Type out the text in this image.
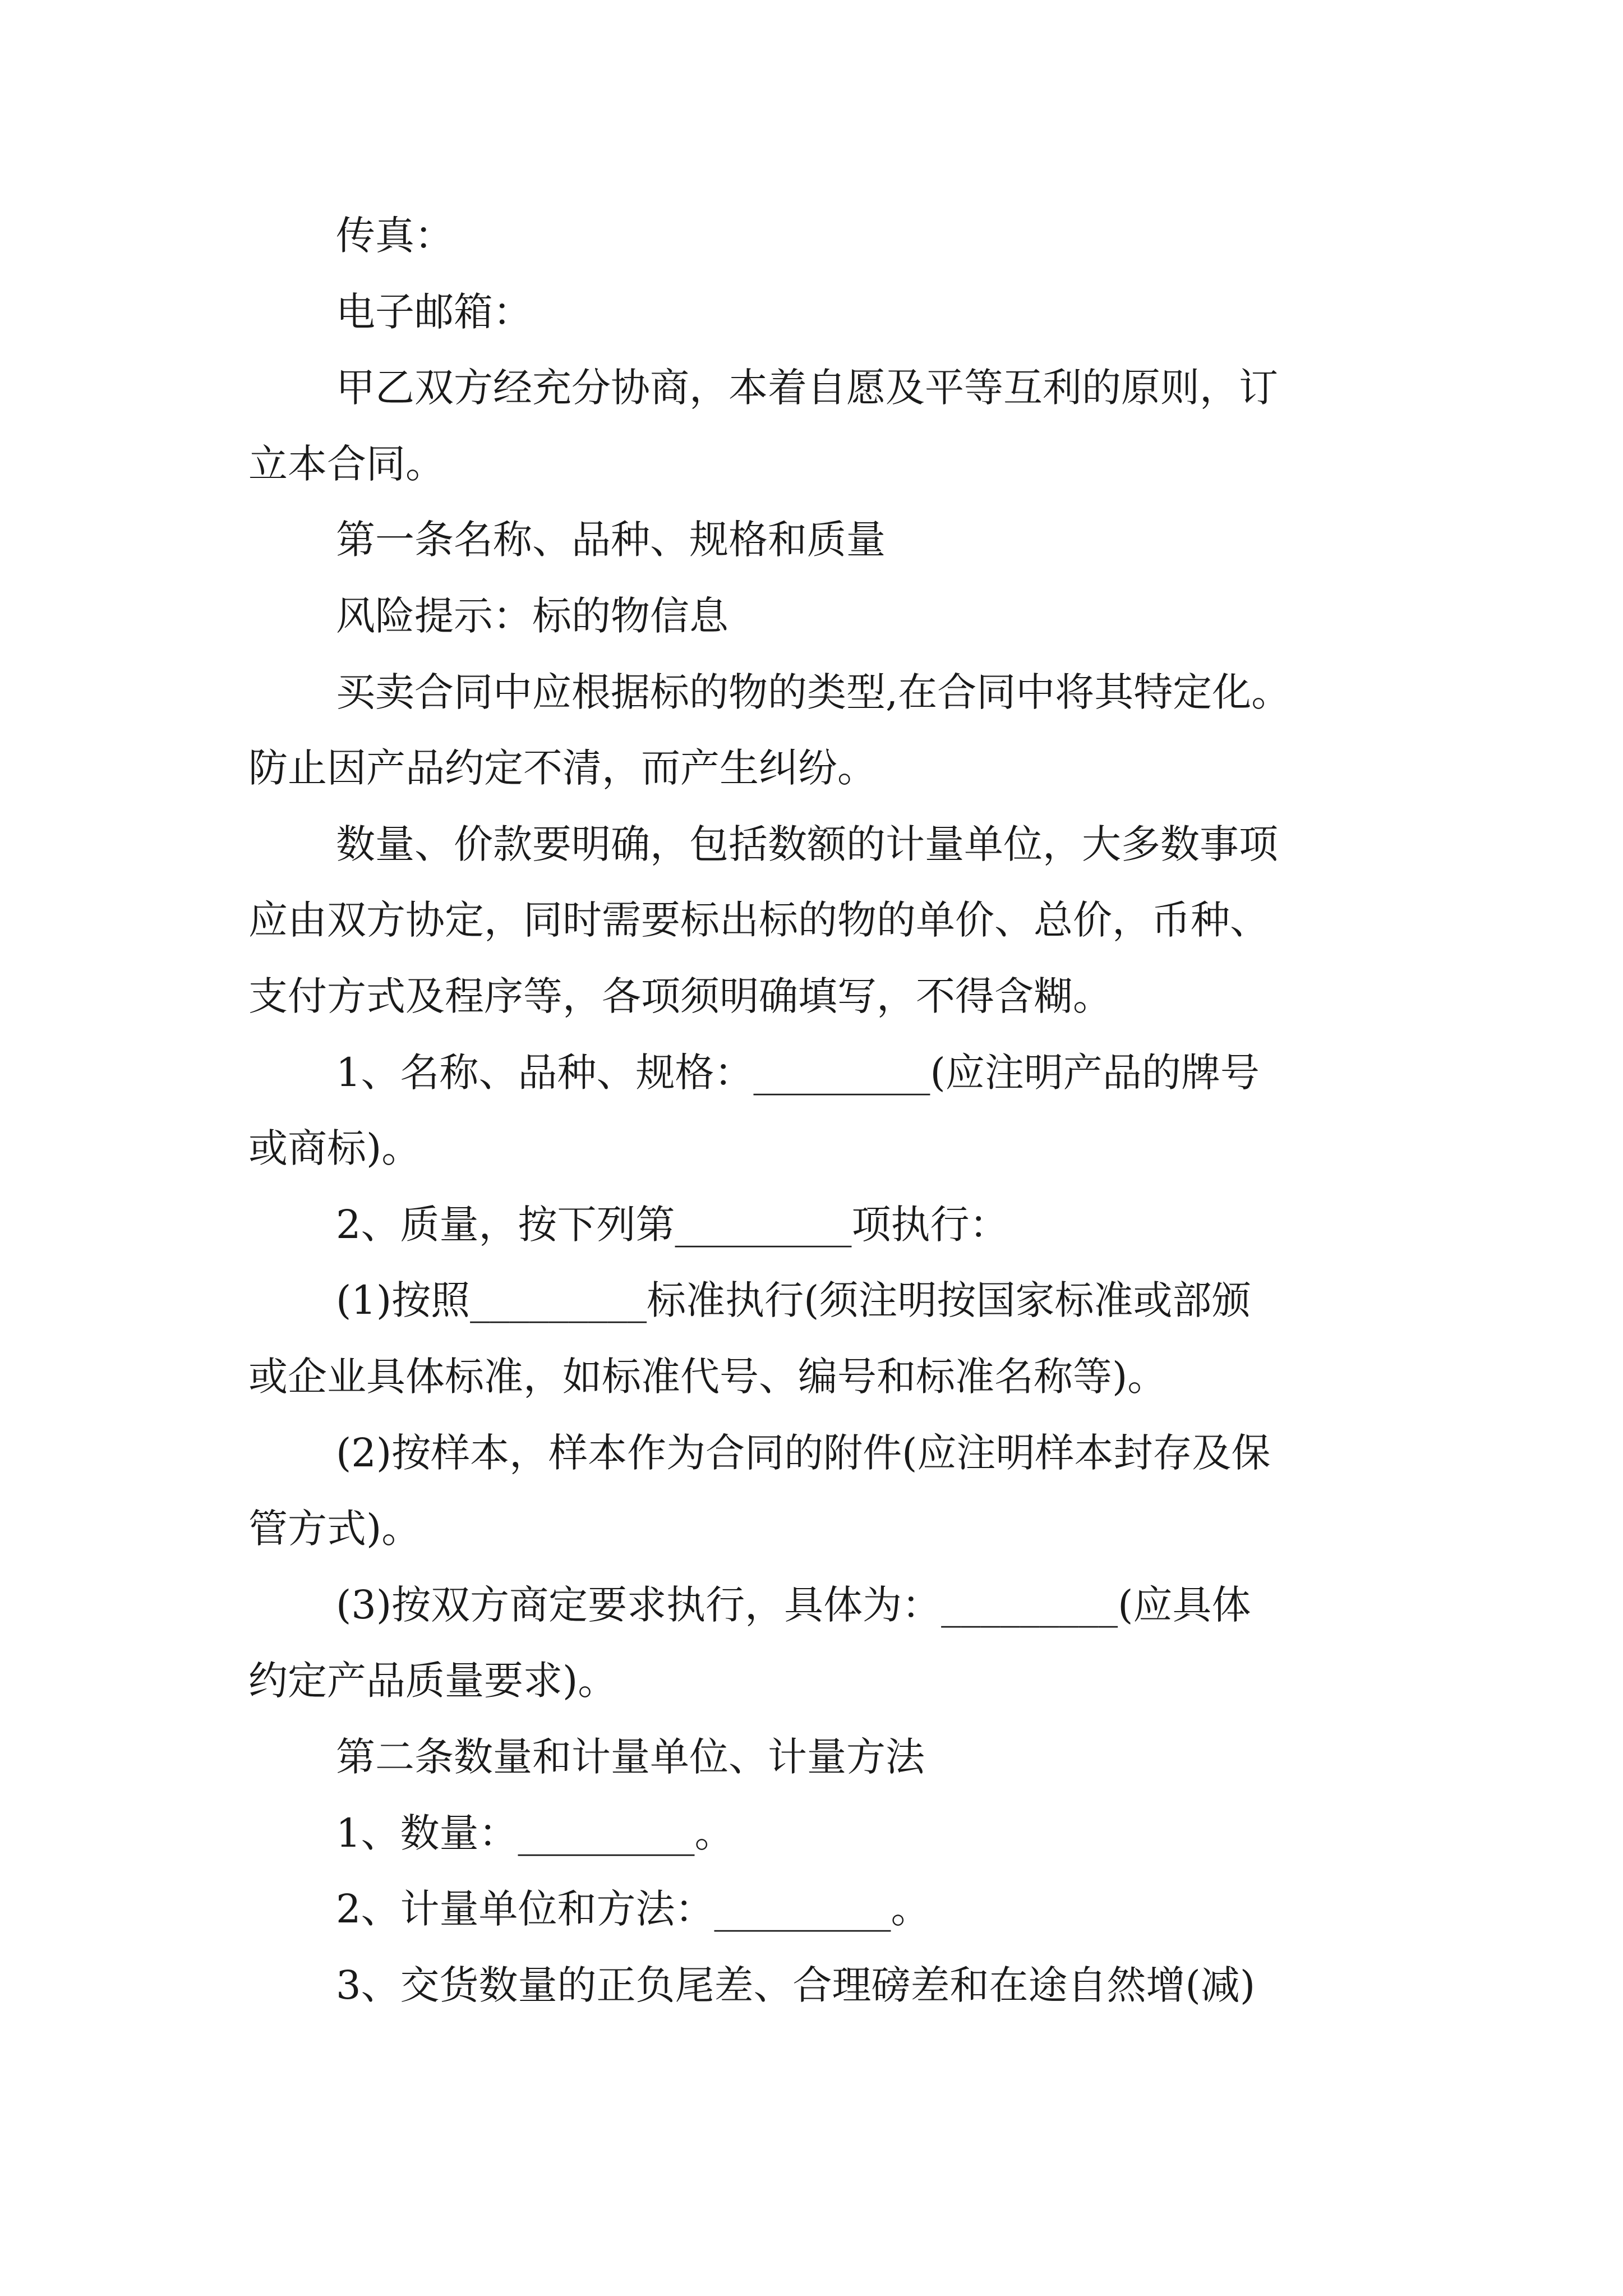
传真：
电子邮箱：
甲乙双方经充分协商，本着自愿及平等互利的原则，订
立本合同。
第一条名称、品种、规格和质量
风险提示：标的物信息
买卖合同中应根据标的物的类型,在合同中将其特定化。
防止因产品约定不清，而产生纠纷。
数量、价款要明确，包括数额的计量单位，大多数事项
应由双方协定，同时需要标出标的物的单价、总价，币种、
支付方式及程序等，各项须明确填写，不得含糊。
1、名称、品种、规格：_________(应注明产品的牌号
或商标)。
2、质量，按下列第_________项执行：
(1)按照_________标准执行(须注明按国家标准或部颁
或企业具体标准，如标准代号、编号和标准名称等)。
(2)按样本，样本作为合同的附件(应注明样本封存及保
管方式)。
(3)按双方商定要求执行，具体为：_________(应具体
约定产品质量要求)。
第二条数量和计量单位、计量方法
1、数量：_________。
2、计量单位和方法：_________。
3、交货数量的正负尾差、合理磅差和在途自然增(减)
